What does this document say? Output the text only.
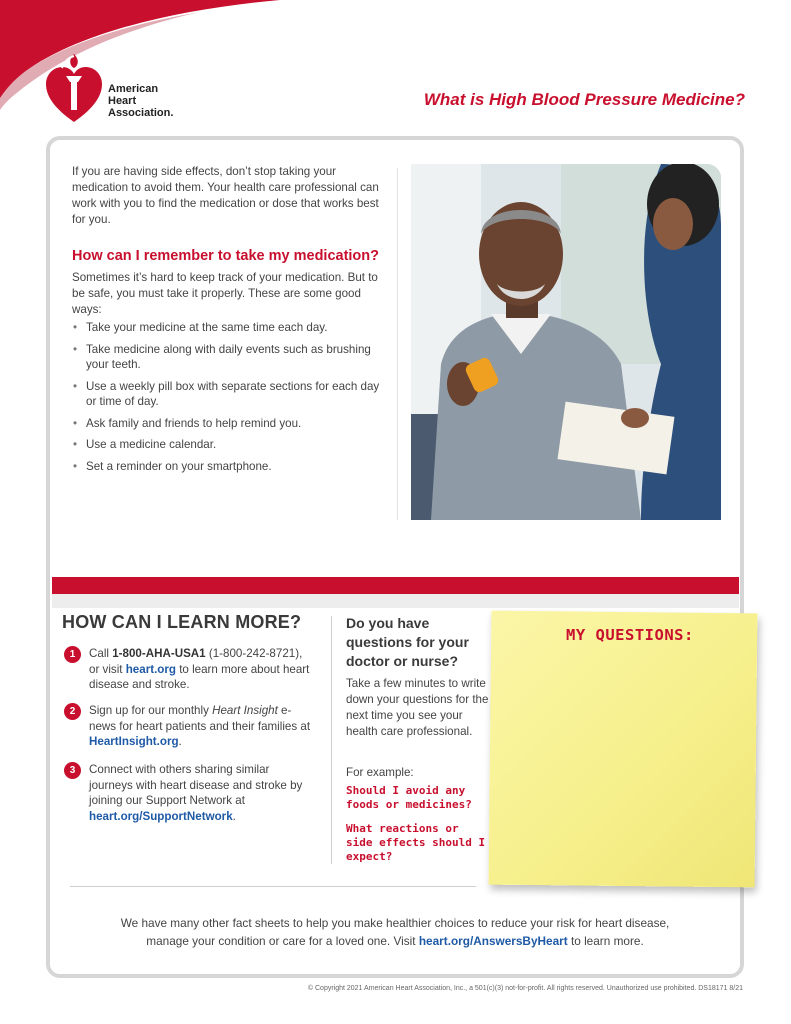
American
Heart
Association.
What is High Blood Pressure Medicine?

If you are having side effects, don’t stop taking your medication to avoid them. Your health care professional can work with you to find the medication or dose that works best for you.

How can I remember to take my medication?

Sometimes it’s hard to keep track of your medication. But to be safe, you must take it properly. These are some good ways:

• Take your medicine at the same time each day.
• Take medicine along with daily events such as brushing your teeth.
• Use a weekly pill box with separate sections for each day or time of day.
• Ask family and friends to help remind you.
• Use a medicine calendar.
• Set a reminder on your smartphone.
HOW CAN I LEARN MORE?
1	Call 1-800-AHA-USA1 (1-800-242-8721), or visit heart.org to learn more about heart disease and stroke.
2	Sign up for our monthly Heart Insight e-news for heart patients and their families at HeartInsight.org.
3	Connect with others sharing similar journeys with heart disease and stroke by joining our Support Network at heart.org/SupportNetwork.
Do you have questions for your doctor or nurse?

Take a few minutes to write down your questions for the next time you see your health care professional.

For example:

Should I avoid any foods or medicines?

What reactions or side effects should I expect?

MY QUESTIONS:
We have many other fact sheets to help you make healthier choices to reduce your risk for heart disease,
manage your condition or care for a loved one. Visit heart.org/AnswersByHeart to learn more.
© Copyright 2021 American Heart Association, Inc., a 501(c)(3) not-for-profit. All rights reserved. Unauthorized use prohibited. DS18171 8/21
